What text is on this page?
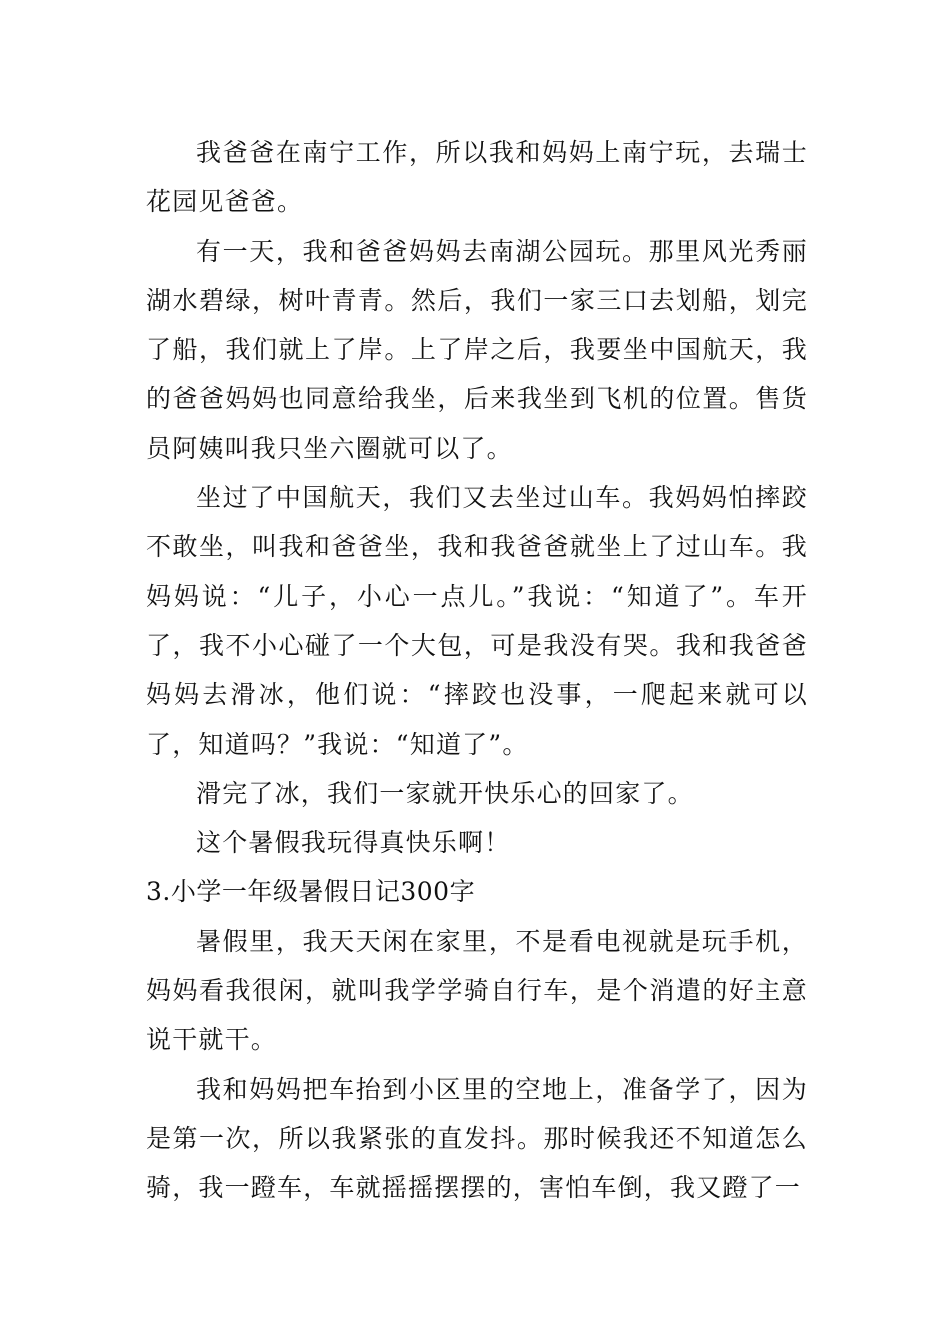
我爸爸在南宁工作，所以我和妈妈上南宁玩，去瑞士花园见爸爸。

有一天，我和爸爸妈妈去南湖公园玩。那里风光秀丽湖水碧绿，树叶青青。然后，我们一家三口去划船，划完了船，我们就上了岸。上了岸之后，我要坐中国航天，我的爸爸妈妈也同意给我坐，后来我坐到飞机的位置。售货员阿姨叫我只坐六圈就可以了。

坐过了中国航天，我们又去坐过山车。我妈妈怕摔跤不敢坐，叫我和爸爸坐，我和我爸爸就坐上了过山车。我妈妈说：“儿子，小心一点儿。”我说：“知道了”。车开了，我不小心碰了一个大包，可是我没有哭。我和我爸爸妈妈去滑冰，他们说：“摔跤也没事，一爬起来就可以了，知道吗？”我说：“知道了”。

滑完了冰，我们一家就开快乐心的回家了。

这个暑假我玩得真快乐啊！

3.小学一年级暑假日记300字

暑假里，我天天闲在家里，不是看电视就是玩手机，妈妈看我很闲，就叫我学学骑自行车，是个消遣的好主意说干就干。

我和妈妈把车抬到小区里的空地上，准备学了，因为是第一次，所以我紧张的直发抖。那时候我还不知道怎么骑，我一蹬车，车就摇摇摆摆的，害怕车倒，我又蹬了一
